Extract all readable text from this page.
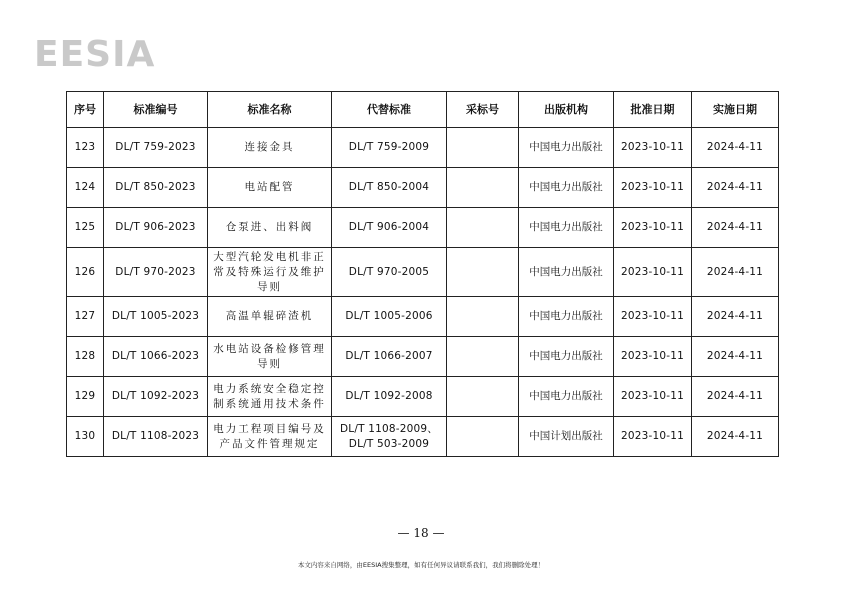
EESIA
序号	标准编号	标准名称	代替标准	采标号	出版机构	批准日期	实施日期
123	DL/T 759-2023	连接金具	DL/T 759-2009		中国电力出版社	2023-10-11	2024-4-11
124	DL/T 850-2023	电站配管	DL/T 850-2004		中国电力出版社	2023-10-11	2024-4-11
125	DL/T 906-2023	仓泵进、出料阀	DL/T 906-2004		中国电力出版社	2023-10-11	2024-4-11
126	DL/T 970-2023	大型汽轮发电机非正常及特殊运行及维护导则	DL/T 970-2005		中国电力出版社	2023-10-11	2024-4-11
127	DL/T 1005-2023	高温单辊碎渣机	DL/T 1005-2006		中国电力出版社	2023-10-11	2024-4-11
128	DL/T 1066-2023	水电站设备检修管理导则	DL/T 1066-2007		中国电力出版社	2023-10-11	2024-4-11
129	DL/T 1092-2023	电力系统安全稳定控制系统通用技术条件	DL/T 1092-2008		中国电力出版社	2023-10-11	2024-4-11
130	DL/T 1108-2023	电力工程项目编号及产品文件管理规定	DL/T 1108-2009、DL/T 503-2009		中国计划出版社	2023-10-11	2024-4-11
— 18 —
本文内容来自网络，由EESIA搜集整理，如有任何异议请联系我们，我们将删除处理！
